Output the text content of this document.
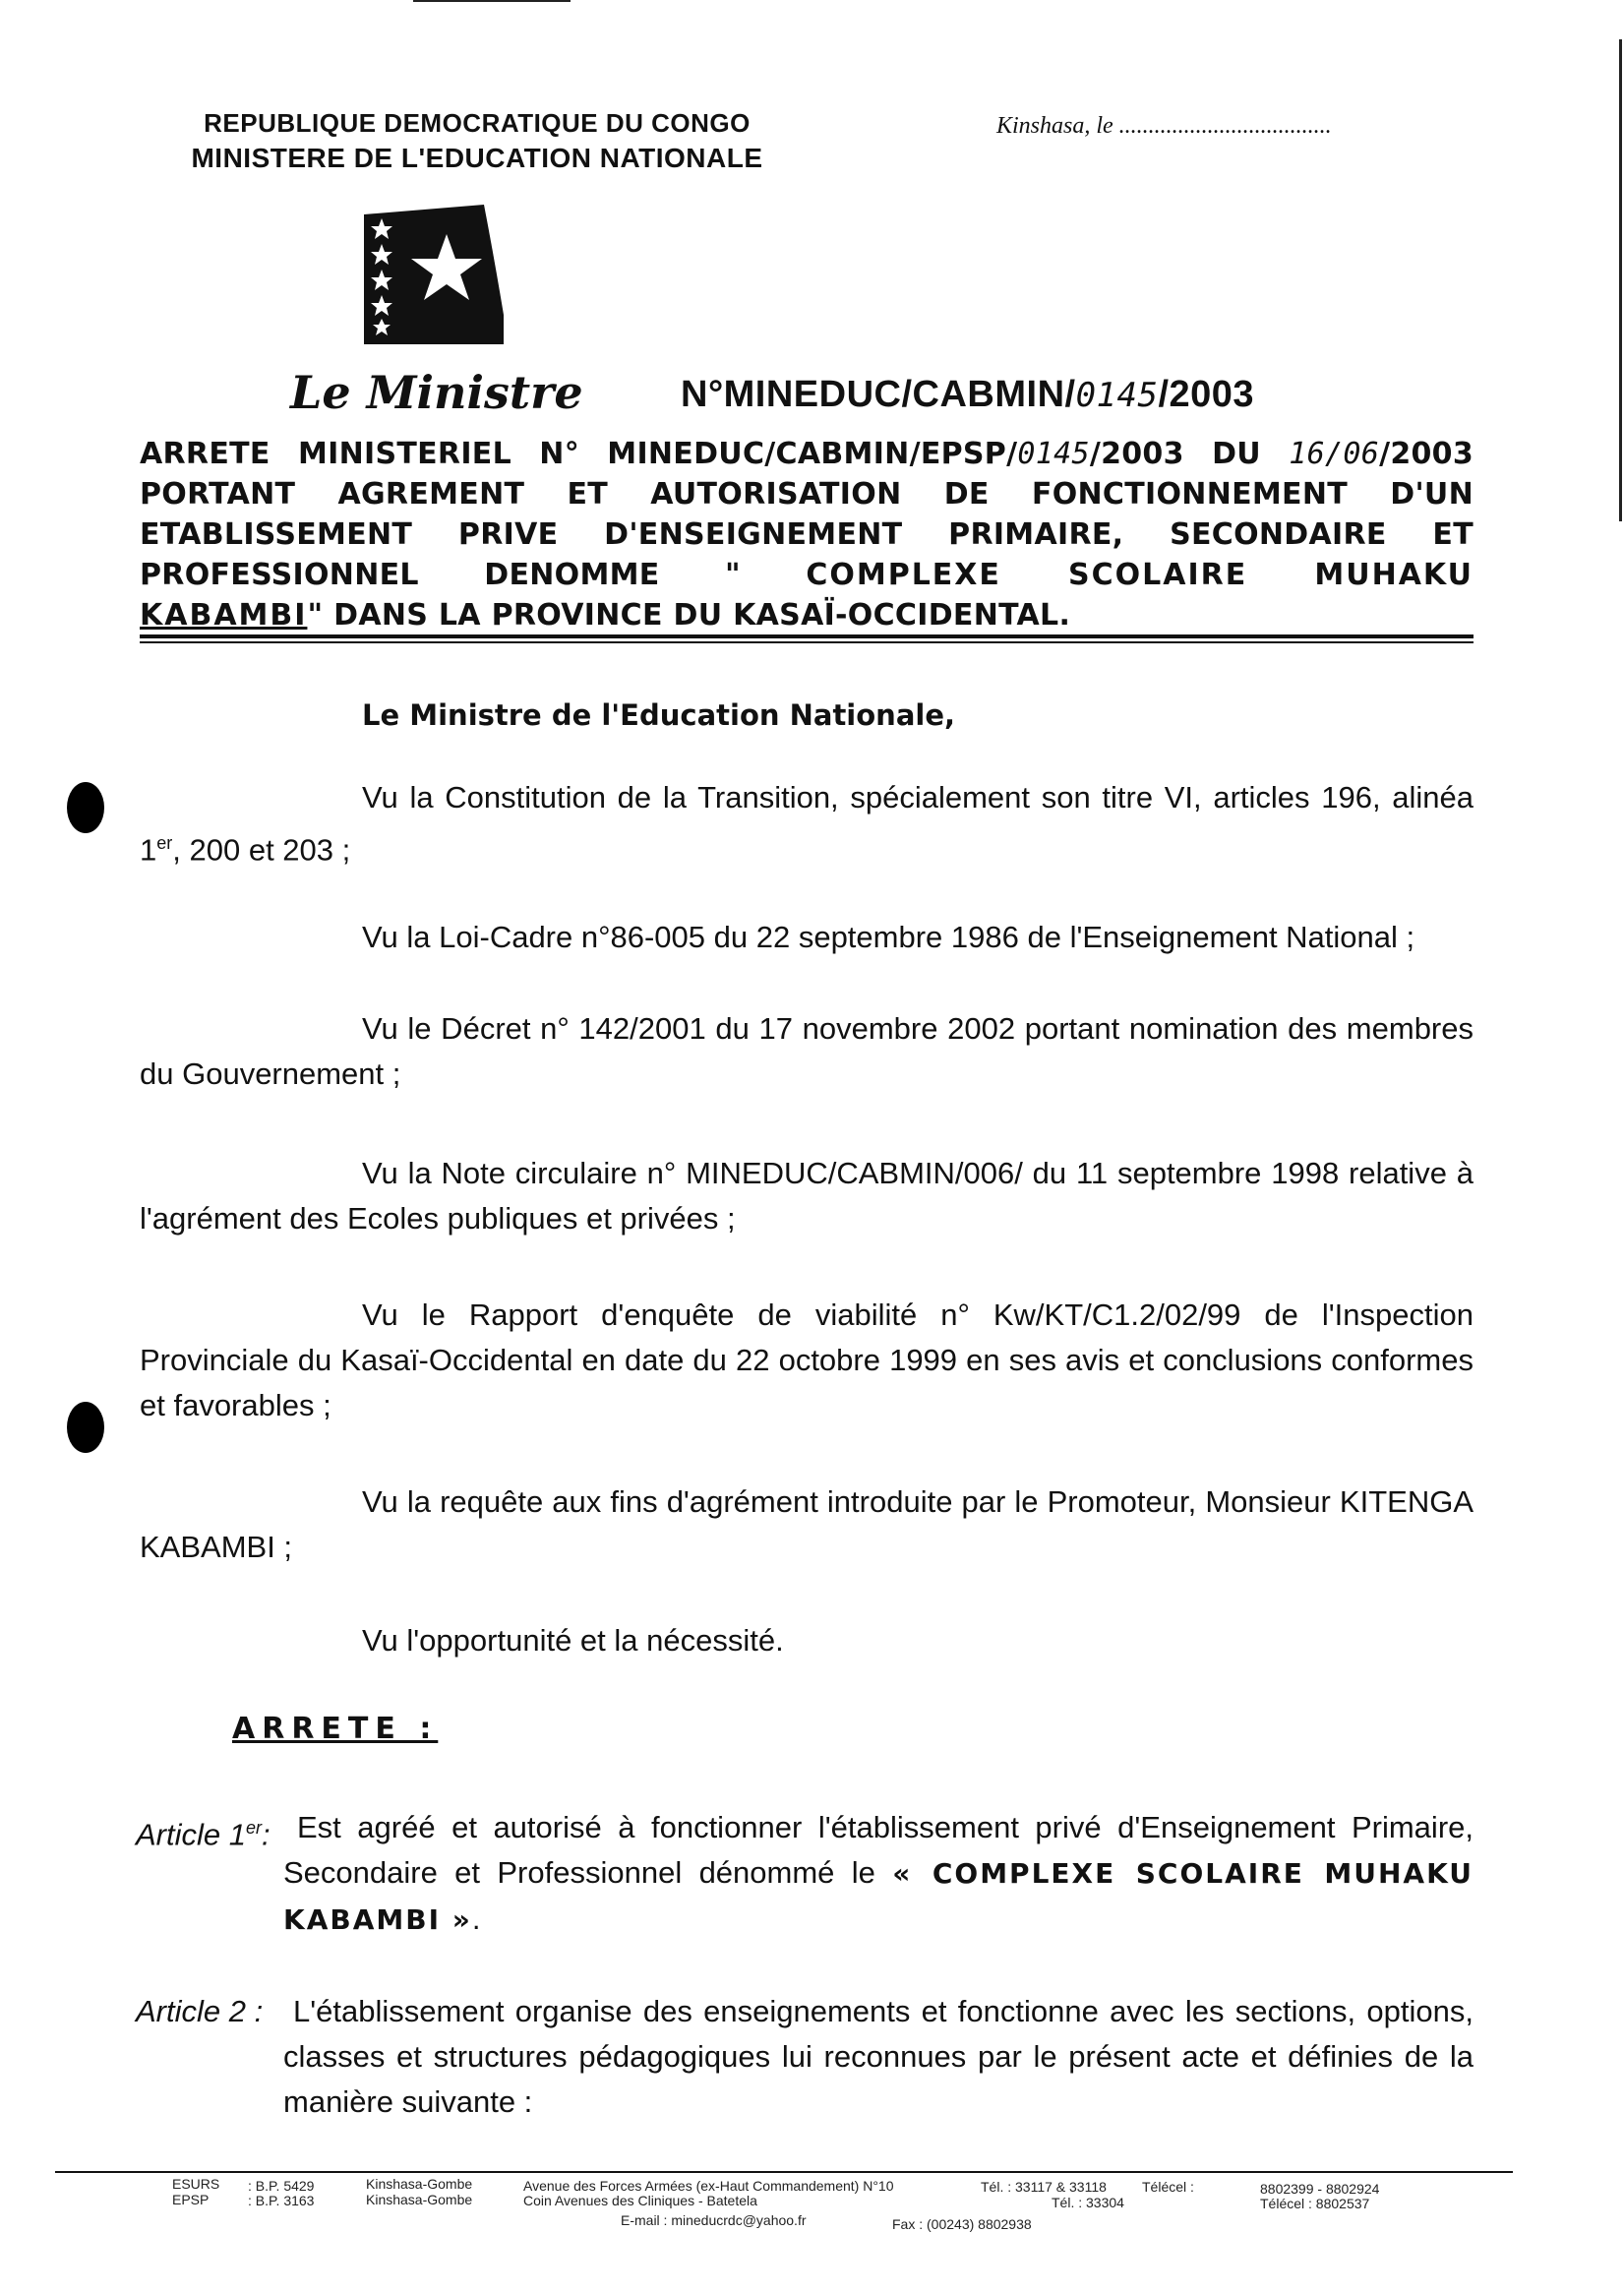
REPUBLIQUE DEMOCRATIQUE DU CONGO
MINISTERE DE L'EDUCATION NATIONALE
Kinshasa, le ....................................
Le Ministre	N°MINEDUC/CABMIN/0145/2003
ARRETE MINISTERIEL N° MINEDUC/CABMIN/EPSP/0145/2003 DU 16/06/2003
PORTANT AGREMENT ET AUTORISATION DE FONCTIONNEMENT D'UN
ETABLISSEMENT PRIVE D'ENSEIGNEMENT PRIMAIRE, SECONDAIRE ET
PROFESSIONNEL DENOMME " COMPLEXE SCOLAIRE MUHAKU
KABAMBI" DANS LA PROVINCE DU KASAÏ-OCCIDENTAL.
Le Ministre de l'Education Nationale,
Vu la Constitution de la Transition, spécialement son titre VI, articles 196, alinéa 1er, 200 et 203 ;
Vu la Loi-Cadre n°86-005 du 22 septembre 1986 de l'Enseignement National ;
Vu le Décret n° 142/2001 du 17 novembre 2002 portant nomination des membres du Gouvernement ;
Vu la Note circulaire n° MINEDUC/CABMIN/006/ du 11 septembre 1998 relative à l'agrément des Ecoles publiques et privées ;
Vu le Rapport d'enquête de viabilité n° Kw/KT/C1.2/02/99 de l'Inspection Provinciale du Kasaï-Occidental en date du 22 octobre 1999 en ses avis et conclusions conformes et favorables ;
Vu la requête aux fins d'agrément introduite par le Promoteur, Monsieur KITENGA KABAMBI ;
Vu l'opportunité et la nécessité.
ARRETE :
Article 1er: Est agréé et autorisé à fonctionner l'établissement privé d'Enseignement Primaire, Secondaire et Professionnel dénommé le « COMPLEXE SCOLAIRE MUHAKU KABAMBI ».
Article 2 : L'établissement organise des enseignements et fonctionne avec les sections, options, classes et structures pédagogiques lui reconnues par le présent acte et définies de la manière suivante :
ESURS : B.P. 5429	Kinshasa-Gombe	Avenue des Forces Armées (ex-Haut Commandement) N°10	Tél. : 33117 & 33118	Télécel :	8802399 - 8802924
EPSP	: B.P. 3163	Kinshasa-Gombe	Coin Avenues des Cliniques - Batetela	Tél. : 33304	Télécel : 8802537
E-mail : mineducrdc@yahoo.fr	Fax : (00243) 8802938
